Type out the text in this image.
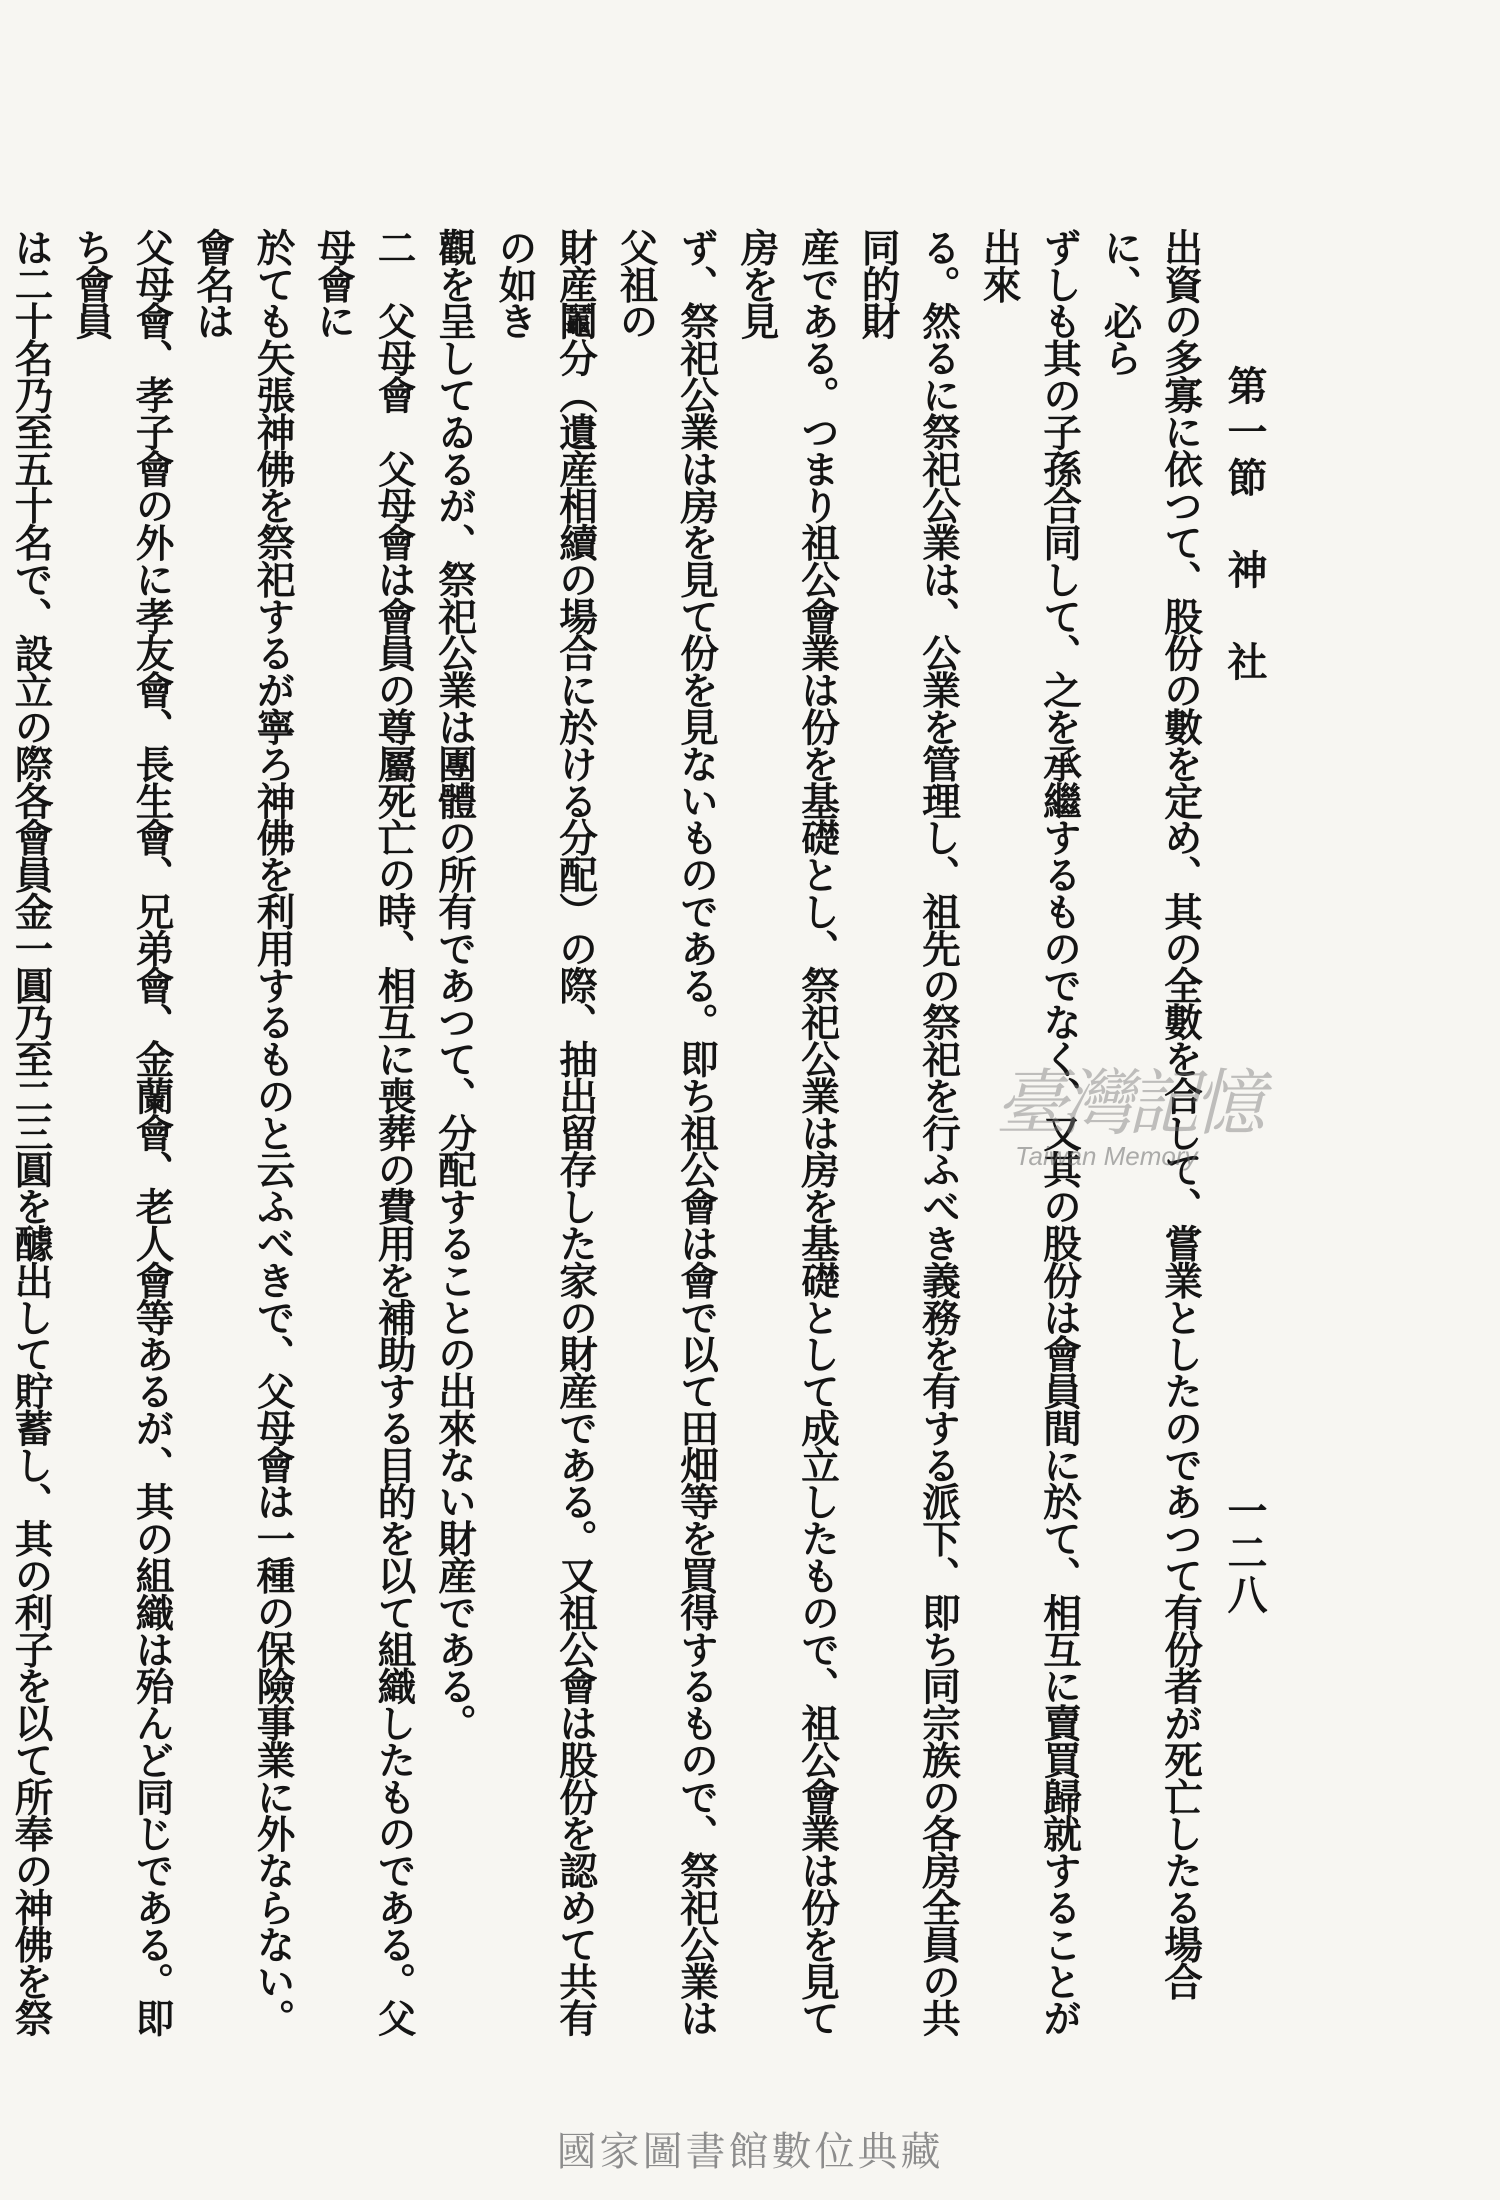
第一節　神　社
一二八
出資の多寡に依つて、股份の數を定め、其の全數を合して、嘗業としたのであつて有份者が死亡したる場合に、必ら
ずしも其の子孫合同して、之を承繼するものでなく、又其の股份は會員間に於て、相互に賣買歸就することが出來
る。然るに祭祀公業は、公業を管理し、祖先の祭祀を行ふべき義務を有する派下、即ち同宗族の各房全員の共同的財
産である。つまり祖公會業は份を基礎とし、祭祀公業は房を基礎として成立したもので、祖公會業は份を見て房を見
ず、祭祀公業は房を見て份を見ないものである。即ち祖公會は會で以て田畑等を買得するもので、祭祀公業は父祖の
財産鬮分（遺産相續の場合に於ける分配）の際、抽出留存した家の財産である。又祖公會は股份を認めて共有の如き
觀を呈してゐるが、祭祀公業は團體の所有であつて、分配することの出來ない財産である。
二　父母會　父母會は會員の尊屬死亡の時、相互に喪葬の費用を補助する目的を以て組織したものである。父母會に
於ても矢張神佛を祭祀するが寧ろ神佛を利用するものと云ふべきで、父母會は一種の保險事業に外ならない。會名は
父母會、孝子會の外に孝友會、長生會、兄弟會、金蘭會、老人會等あるが、其の組織は殆んど同じである。即ち會員
は二十名乃至五十名で、設立の際各會員金一圓乃至二三圓を醵出して貯蓄し、其の利子を以て所奉の神佛を祭
臺灣記憶
Taiwan Memory
國家圖書館數位典藏
